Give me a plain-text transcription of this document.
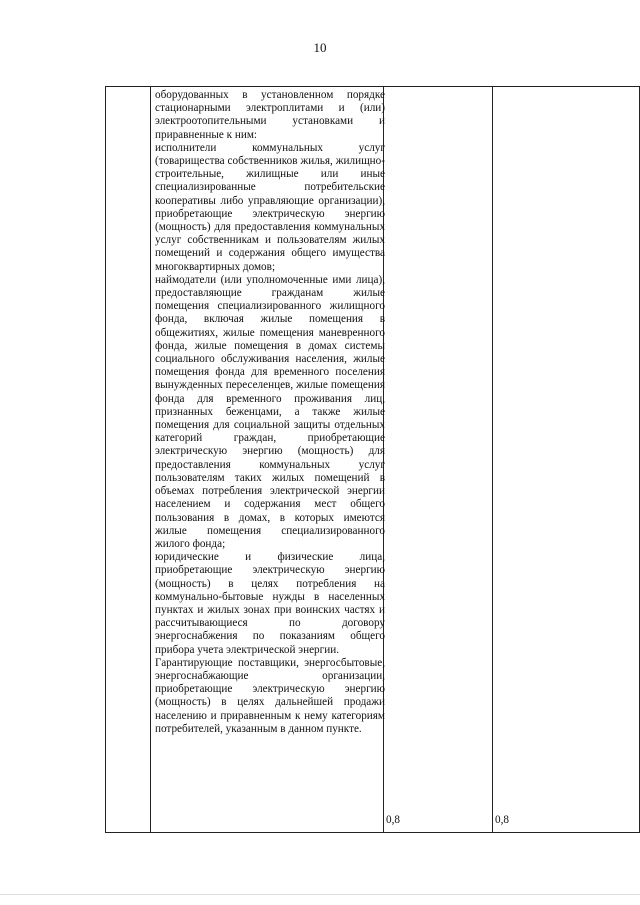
10

оборудованных в установленном порядке стационарными электроплитами и (или) электроотопительными установками и приравненные к ним:

исполнители коммунальных услуг (товарищества собственников жилья, жилищно-строительные, жилищные или иные специализированные потребительские кооперативы либо управляющие организации), приобретающие электрическую энергию (мощность) для предоставления коммунальных услуг собственникам и пользователям жилых помещений и содержания общего имущества многоквартирных домов;

наймодатели (или уполномоченные ими лица), предоставляющие гражданам жилые помещения специализированного жилищного фонда, включая жилые помещения в общежитиях, жилые помещения маневренного фонда, жилые помещения в домах системы социального обслуживания населения, жилые помещения фонда для временного поселения вынужденных переселенцев, жилые помещения фонда для временного проживания лиц, признанных беженцами, а также жилые помещения для социальной защиты отдельных категорий граждан, приобретающие электрическую энергию (мощность) для предоставления коммунальных услуг пользователям таких жилых помещений в объемах потребления электрической энергии населением и содержания мест общего пользования в домах, в которых имеются жилые помещения специализированного жилого фонда;

юридические и физические лица, приобретающие электрическую энергию (мощность) в целях потребления на коммунально-бытовые нужды в населенных пунктах и жилых зонах при воинских частях и рассчитывающиеся по договору энергоснабжения по показаниям общего прибора учета электрической энергии.

Гарантирующие поставщики, энергосбытовые, энергоснабжающие организации, приобретающие электрическую энергию (мощность) в целях дальнейшей продажи населению и приравненным к нему категориям потребителей, указанным в данном пункте.

0,8	0,8
